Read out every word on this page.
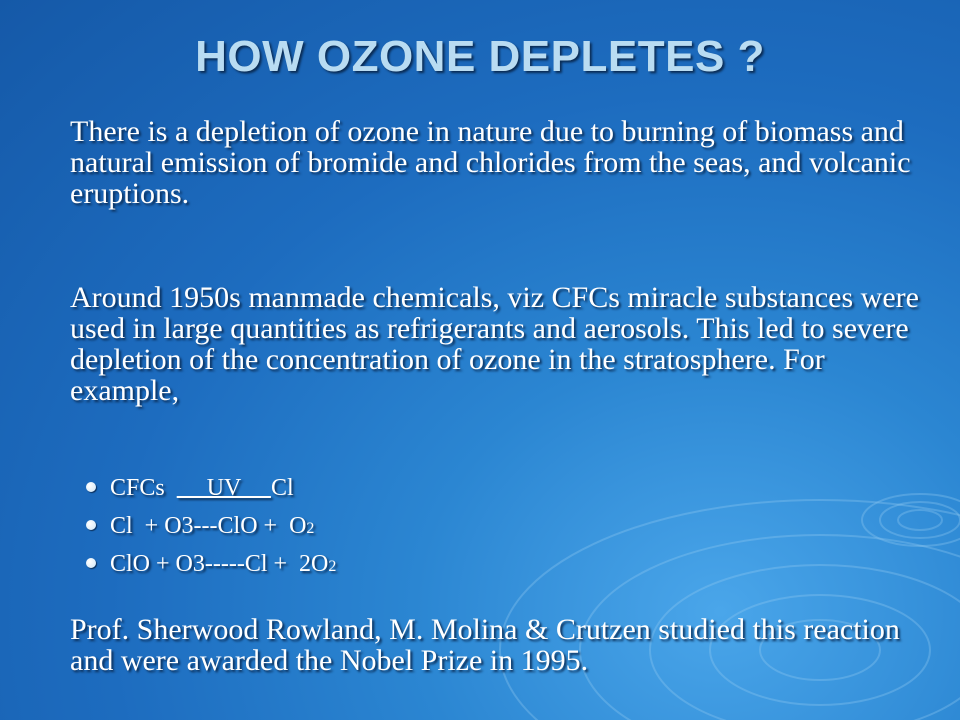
HOW OZONE DEPLETES ?
There is a depletion of ozone in nature due to burning of biomass and natural emission of bromide and chlorides from the seas, and volcanic eruptions.
Around 1950s manmade chemicals, viz CFCs miracle substances were used in large quantities as refrigerants and aerosols. This led to severe depletion of the concentration of ozone in the stratosphere. For example,
CFCs UV Cl
Cl  + O3---ClO +  O 2
ClO + O3-----Cl +  2O 2
Prof. Sherwood Rowland, M. Molina & Crutzen studied this reaction and were awarded the Nobel Prize in 1995.
